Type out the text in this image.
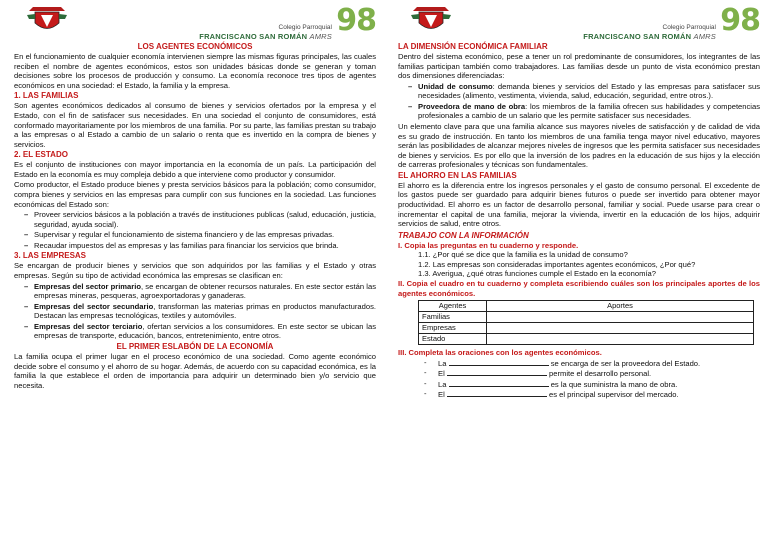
Colegio Parroquial
FRANCISCANO SAN ROMÁN AMRS 98
LOS AGENTES ECONÓMICOS

En el funcionamiento de cualquier economía intervienen siempre las mismas figuras principales, las cuales reciben el nombre de agentes económicos, estos son unidades básicas donde se generan y toman decisiones sobre los procesos de producción y consumo. La economía reconoce tres tipos de agentes económicos en una sociedad: el Estado, la familia y la empresa.

1. LAS FAMILIAS

Son agentes económicos dedicados al consumo de bienes y servicios ofertados por la empresa y el Estado, con el fin de satisfacer sus necesidades. En una sociedad el conjunto de consumidores, está conformado mayoritariamente por los miembros de una familia. Por su parte, las familias prestan su trabajo a las empresas o al Estado a cambio de un salario o renta que es invertido en la compra de bienes y servicios.

2. EL ESTADO

Es el conjunto de instituciones con mayor importancia en la economía de un país. La participación del Estado en la economía es muy compleja debido a que interviene como productor y consumidor.

Como productor, el Estado produce bienes y presta servicios básicos para la población; como consumidor, compra bienes y servicios en las empresas para cumplir con sus funciones en la sociedad. Las funciones económicas del Estado son:

– Proveer servicios básicos a la población a través de instituciones publicas (salud, educación, justicia, seguridad, ayuda social).
– Supervisar y regular el funcionamiento de sistema financiero y de las empresas privadas.
– Recaudar impuestos del as empresas y las familias para financiar los servicios que brinda.
3. LAS EMPRESAS

Se encargan de producir bienes y servicios que son adquiridos por las familias y el Estado y otras empresas. Según su tipo de actividad económica las empresas se clasifican en:

– Empresas del sector primario, se encargan de obtener recursos naturales. En este sector están las empresas mineras, pesqueras, agroexportadoras y ganaderas.
– Empresas del sector secundario, transforman las materias primas en productos manufacturados. Destacan las empresas tecnológicas, textiles y automóviles.
– Empresas del sector terciario, ofertan servicios a los consumidores. En este sector se ubican las empresas de transporte, educación, bancos, entretenimiento, entre otros.
EL PRIMER ESLABÓN DE LA ECONOMÍA

La familia ocupa el primer lugar en el proceso económico de una sociedad. Como agente económico decide sobre el consumo y el ahorro de su hogar. Además, de acuerdo con su capacidad económica, es la familia la que establece el orden de importancia para adquirir un determinado bien y/o servicio que necesita.

Colegio Parroquial
FRANCISCANO SAN ROMÁN AMRS 98
LA DIMENSIÓN ECONÓMICA FAMILIAR

Dentro del sistema económico, pese a tener un rol predominante de consumidores, los integrantes de las familias participan también como trabajadores. Las familias desde un punto de vista económico prestan dos dimensiones diferenciadas:

– Unidad de consumo: demanda bienes y servicios del Estado y las empresas para satisfacer sus necesidades (alimento, vestimenta, vivienda, salud, educación, seguridad, entre otros.).
– Proveedora de mano de obra: los miembros de la familia ofrecen sus habilidades y competencias profesionales a cambio de un salario que les permite satisfacer sus necesidades.

Un elemento clave para que una familia alcance sus mayores niveles de satisfacción y de calidad de vida es su grado de instrucción. En tanto los miembros de una familia tenga mayor nivel educativo, mayores serán las posibilidades de alcanzar mejores niveles de ingresos que les permita satisfacer sus necesidades de bienes y servicios. Es por ello que la inversión de los padres en la educación de sus hijos y la elección de carreras profesionales y técnicas son fundamentales.

EL AHORRO EN LAS FAMILIAS

El ahorro es la diferencia entre los ingresos personales y el gasto de consumo personal. El excedente de los gastos puede ser guardado para adquirir bienes futuros o puede ser invertido para obtener mayor productividad. El ahorro es un factor de desarrollo personal, familiar y social. Puede usarse para crear o incrementar el capital de una familia, mejorar la vivienda, invertir en la educación de los hijos, adquirir servicios de salud, entre otros.

TRABAJO CON LA INFORMACIÓN
I. Copia las preguntas en tu cuaderno y responde.
1.1. ¿Por qué se dice que la familia es la unidad de consumo?
1.2. Las empresas son consideradas importantes agentes económicos, ¿Por qué?
1.3. Averigua, ¿qué otras funciones cumple el Estado en la economía?
II. Copia el cuadro en tu cuaderno y completa escribiendo cuáles son los principales aportes de los agentes económicos.
Agentes	Aportes
Familias	
Empresas	
Estado	
III. Completa las oraciones con los agentes económicos.
- La	se encarga de ser la proveedora del Estado.
- El	permite el desarrollo personal.
- La	es la que suministra la mano de obra.
- El	es el principal supervisor del mercado.
